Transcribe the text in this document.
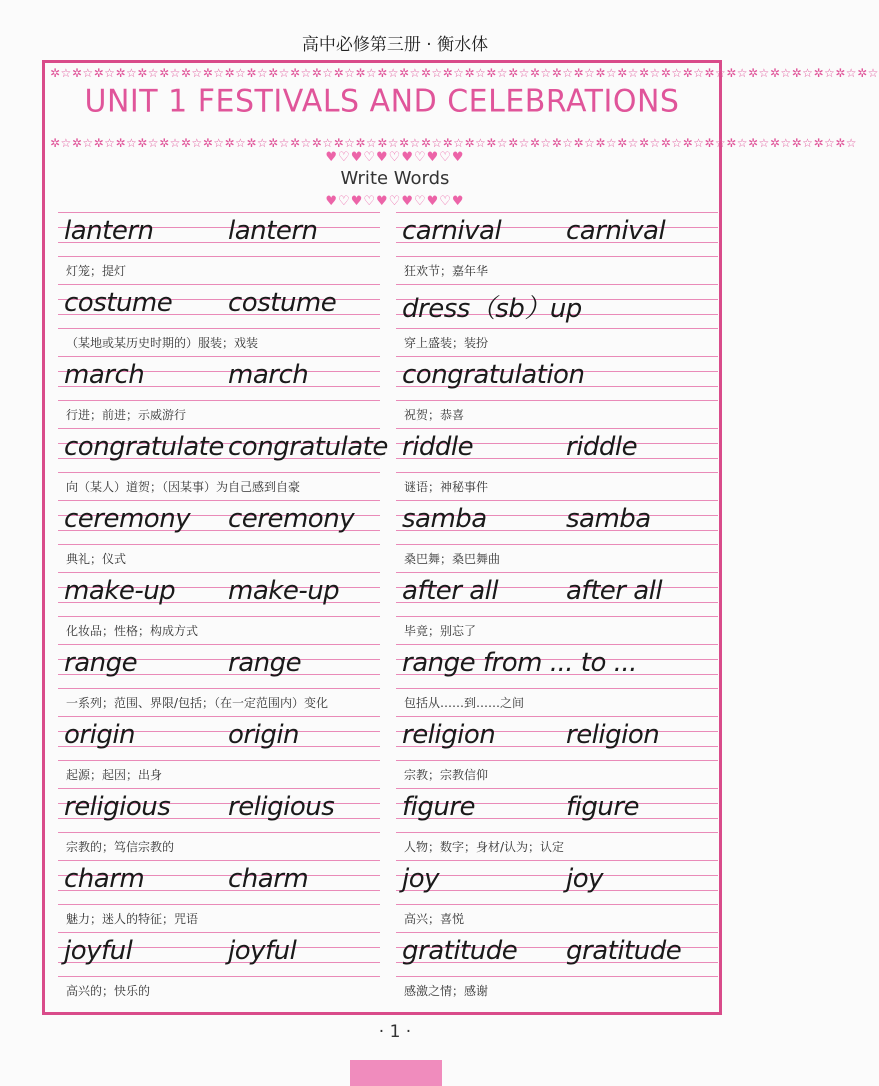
高中必修第三册 · 衡水体
✲☆✲☆✲☆✲☆✲☆✲☆✲☆✲☆✲☆✲☆✲☆✲☆✲☆✲☆✲☆✲☆✲☆✲☆✲☆✲☆✲☆✲☆✲☆✲☆✲☆✲☆✲☆✲☆✲☆✲☆✲☆✲☆✲☆✲☆✲☆✲☆✲☆✲☆
UNIT 1 FESTIVALS AND CELEBRATIONS
✲☆✲☆✲☆✲☆✲☆✲☆✲☆✲☆✲☆✲☆✲☆✲☆✲☆✲☆✲☆✲☆✲☆✲☆✲☆✲☆✲☆✲☆✲☆✲☆✲☆✲☆✲☆✲☆✲☆✲☆✲☆✲☆✲☆✲☆✲☆✲☆✲☆
♥♡♥♡♥♡♥♡♥♡♥
Write Words
♥♡♥♡♥♡♥♡♥♡♥
lantern	lantern
灯笼；提灯
costume costume
（某地或某历史时期的）服装；戏装
march	march
行进；前进；示威游行
congratulate congratulate
向（某人）道贺；（因某事）为自己感到自豪
ceremony ceremony
典礼；仪式
make-up make-up
化妆品；性格；构成方式
range	range
一系列；范围、界限/包括；（在一定范围内）变化
origin	origin
起源；起因；出身
religious religious
宗教的；笃信宗教的
charm	charm
魅力；迷人的特征；咒语
joyful	joyful
高兴的；快乐的
carnival carnival
狂欢节；嘉年华
dress（sb）up
穿上盛装；装扮
congratulation
祝贺；恭喜
riddle	riddle
谜语；神秘事件
samba	samba
桑巴舞；桑巴舞曲
after all	after all
毕竟；别忘了
range from ... to ...
包括从……到……之间
religion	religion
宗教；宗教信仰
figure	figure
人物；数字；身材/认为；认定
joy	joy
高兴；喜悦
gratitude gratitude
感激之情；感谢
· 1 ·
